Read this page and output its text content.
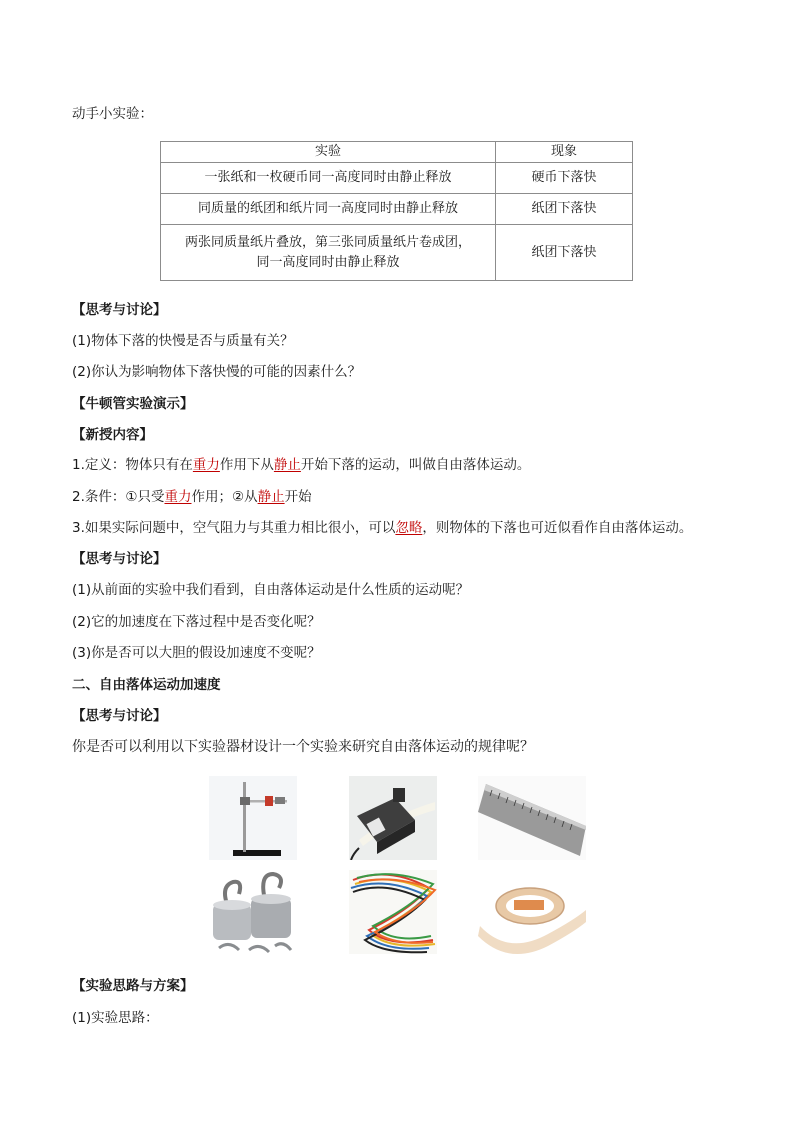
动手小实验：
实验	现象
一张纸和一枚硬币同一高度同时由静止释放	硬币下落快
同质量的纸团和纸片同一高度同时由静止释放	纸团下落快
两张同质量纸片叠放，第三张同质量纸片卷成团，
同一高度同时由静止释放	纸团下落快
【思考与讨论】
(1)物体下落的快慢是否与质量有关？
(2)你认为影响物体下落快慢的可能的因素什么？
【牛顿管实验演示】
【新授内容】
1.定义：物体只有在重力作用下从静止开始下落的运动，叫做自由落体运动。
2.条件：①只受重力作用；②从静止开始
3.如果实际问题中，空气阻力与其重力相比很小，可以忽略，则物体的下落也可近似看作自由落体运动。
【思考与讨论】
(1)从前面的实验中我们看到，自由落体运动是什么性质的运动呢？
(2)它的加速度在下落过程中是否变化呢？
(3)你是否可以大胆的假设加速度不变呢？
二、自由落体运动加速度
【思考与讨论】
你是否可以利用以下实验器材设计一个实验来研究自由落体运动的规律呢？
【实验思路与方案】
(1)实验思路：
